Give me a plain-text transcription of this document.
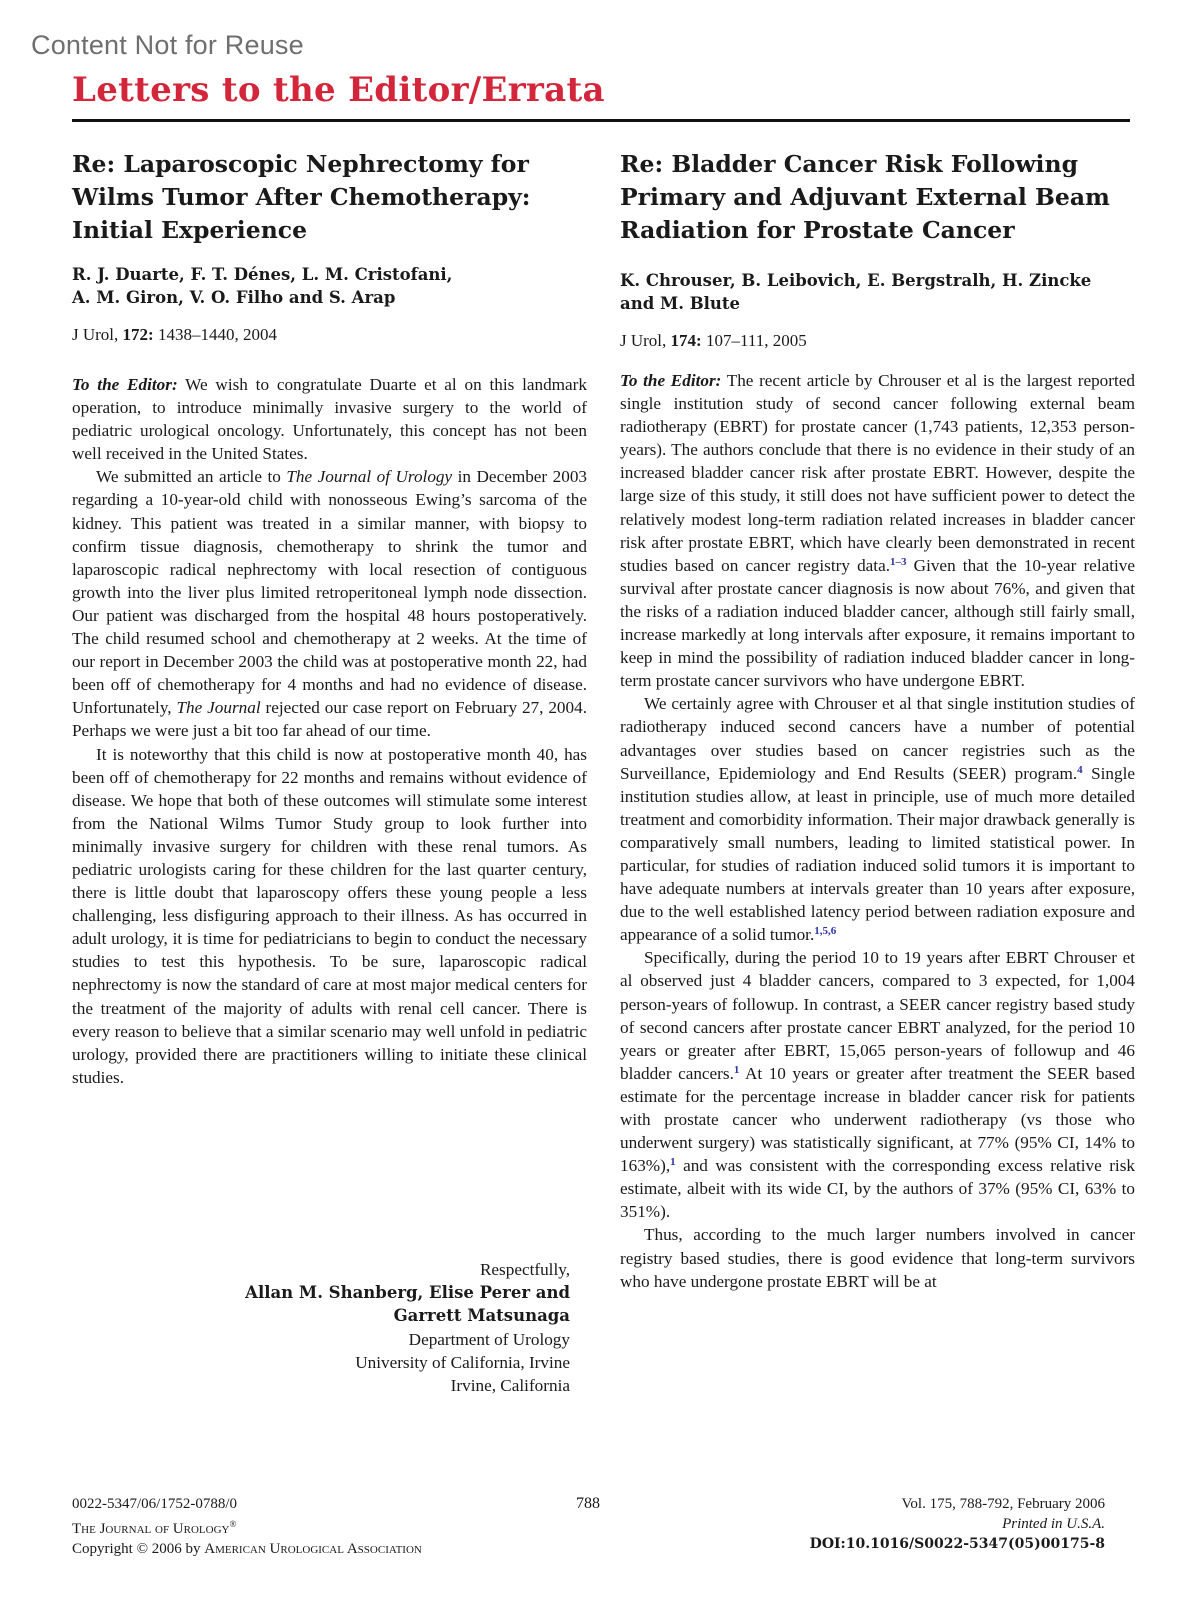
Content Not for Reuse
Letters to the Editor/Errata
Re: Laparoscopic Nephrectomy for Wilms Tumor After Chemotherapy: Initial Experience
R. J. Duarte, F. T. Dénes, L. M. Cristofani,
A. M. Giron, V. O. Filho and S. Arap
J Urol, 172: 1438–1440, 2004

To the Editor: We wish to congratulate Duarte et al on this landmark operation, to introduce minimally invasive surgery to the world of pediatric urological oncology. Unfortunately, this concept has not been well received in the United States.

We submitted an article to The Journal of Urology in December 2003 regarding a 10-year-old child with nonosseous Ewing’s sarcoma of the kidney. This patient was treated in a similar manner, with biopsy to confirm tissue diagnosis, chemotherapy to shrink the tumor and laparoscopic radical nephrectomy with local resection of contiguous growth into the liver plus limited retroperitoneal lymph node dissection. Our patient was discharged from the hospital 48 hours postoperatively. The child resumed school and chemotherapy at 2 weeks. At the time of our report in December 2003 the child was at postoperative month 22, had been off of chemotherapy for 4 months and had no evidence of disease. Unfortunately, The Journal rejected our case report on February 27, 2004. Perhaps we were just a bit too far ahead of our time.

It is noteworthy that this child is now at postoperative month 40, has been off of chemotherapy for 22 months and remains without evidence of disease. We hope that both of these outcomes will stimulate some interest from the National Wilms Tumor Study group to look further into minimally invasive surgery for children with these renal tumors. As pediatric urologists caring for these children for the last quarter century, there is little doubt that laparoscopy offers these young people a less challenging, less disfiguring approach to their illness. As has occurred in adult urology, it is time for pediatricians to begin to conduct the necessary studies to test this hypothesis. To be sure, laparoscopic radical nephrectomy is now the standard of care at most major medical centers for the treatment of the majority of adults with renal cell cancer. There is every reason to believe that a similar scenario may well unfold in pediatric urology, provided there are practitioners willing to initiate these clinical studies.

Respectfully,
Allan M. Shanberg, Elise Perer and
Garrett Matsunaga
Department of Urology
University of California, Irvine
Irvine, California
Re: Bladder Cancer Risk Following Primary and Adjuvant External Beam Radiation for Prostate Cancer
K. Chrouser, B. Leibovich, E. Bergstralh, H. Zincke
and M. Blute
J Urol, 174: 107–111, 2005

To the Editor: The recent article by Chrouser et al is the largest reported single institution study of second cancer following external beam radiotherapy (EBRT) for prostate cancer (1,743 patients, 12,353 person-years). The authors conclude that there is no evidence in their study of an increased bladder cancer risk after prostate EBRT. However, despite the large size of this study, it still does not have sufficient power to detect the relatively modest long-term radiation related increases in bladder cancer risk after prostate EBRT, which have clearly been demonstrated in recent studies based on cancer registry data.$^{1-3}$ Given that the 10-year relative survival after prostate cancer diagnosis is now about 76%, and given that the risks of a radiation induced bladder cancer, although still fairly small, increase markedly at long intervals after exposure, it remains important to keep in mind the possibility of radiation induced bladder cancer in long-term prostate cancer survivors who have undergone EBRT.

We certainly agree with Chrouser et al that single institution studies of radiotherapy induced second cancers have a number of potential advantages over studies based on cancer registries such as the Surveillance, Epidemiology and End Results (SEER) program.$^4$ Single institution studies allow, at least in principle, use of much more detailed treatment and comorbidity information. Their major drawback generally is comparatively small numbers, leading to limited statistical power. In particular, for studies of radiation induced solid tumors it is important to have adequate numbers at intervals greater than 10 years after exposure, due to the well established latency period between radiation exposure and appearance of a solid tumor.$^{1,5,6}$

Specifically, during the period 10 to 19 years after EBRT Chrouser et al observed just 4 bladder cancers, compared to 3 expected, for 1,004 person-years of followup. In contrast, a SEER cancer registry based study of second cancers after prostate cancer EBRT analyzed, for the period 10 years or greater after EBRT, 15,065 person-years of followup and 46 bladder cancers.$^1$ At 10 years or greater after treatment the SEER based estimate for the percentage increase in bladder cancer risk for patients with prostate cancer who underwent radiotherapy (vs those who underwent surgery) was statistically significant, at 77% (95% CI, 14% to 163%),$^1$ and was consistent with the corresponding excess relative risk estimate, albeit with its wide CI, by the authors of 37% (95% CI, 63% to 351%).

Thus, according to the much larger numbers involved in cancer registry based studies, there is good evidence that long-term survivors who have undergone prostate EBRT will be at

0022-5347/06/1752-0788/0
The Journal of Urology®
Copyright © 2006 by American Urological Association
788	Vol. 175, 788-792, February 2006
Printed in U.S.A.
DOI:10.1016/S0022-5347(05)00175-8
